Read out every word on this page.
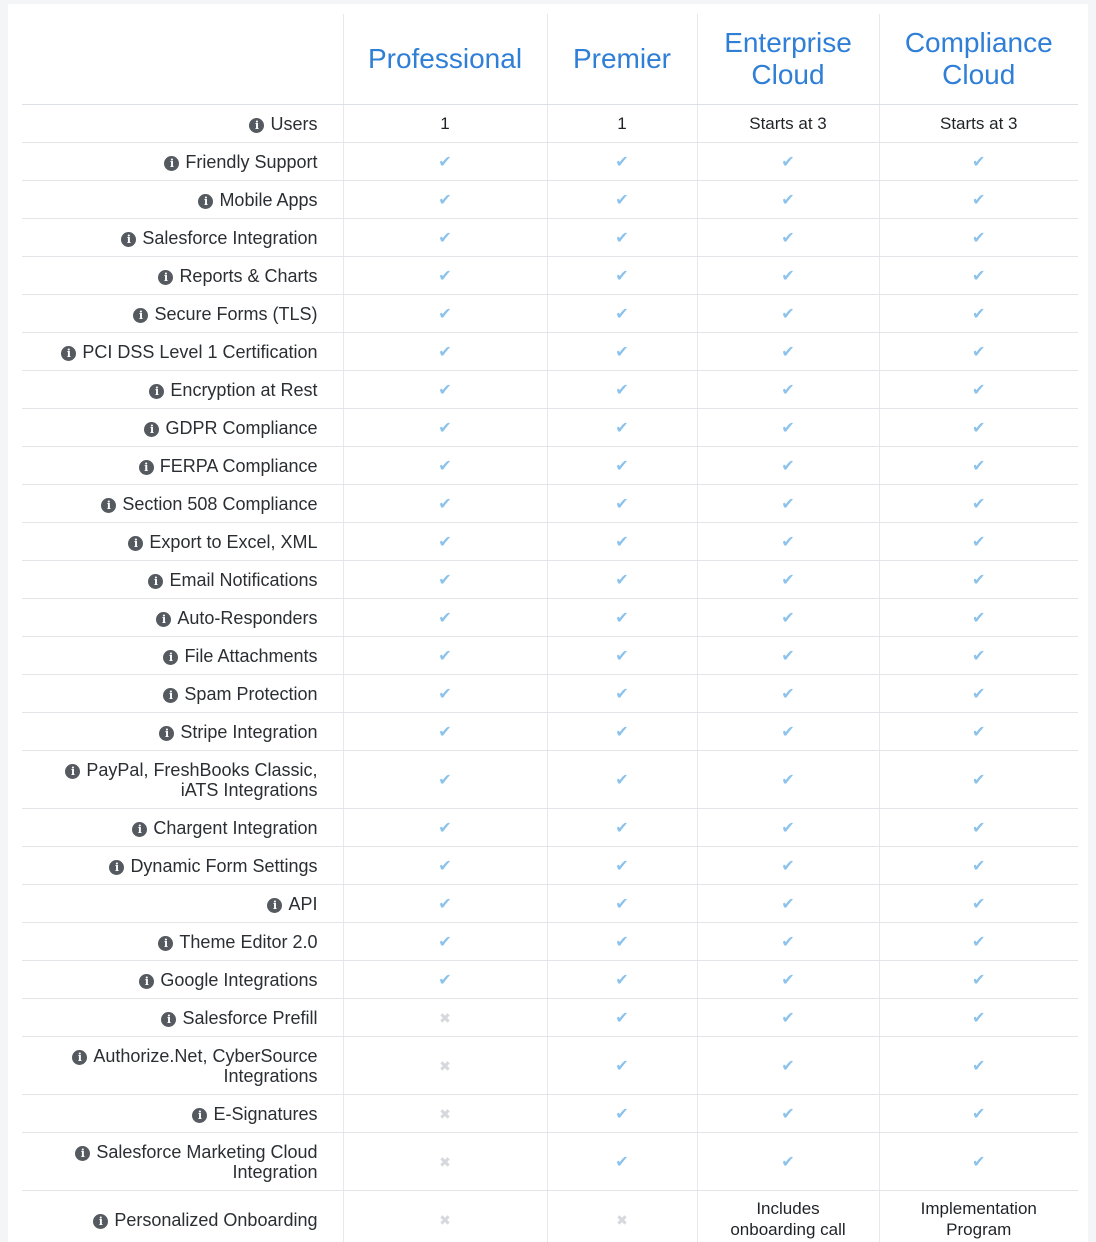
	Professional	Premier	Enterprise Cloud	Compliance Cloud
i Users	1	1	Starts at 3	Starts at 3
i Friendly Support	✔	✔	✔	✔
i Mobile Apps	✔	✔	✔	✔
i Salesforce Integration	✔	✔	✔	✔
i Reports & Charts	✔	✔	✔	✔
i Secure Forms (TLS)	✔	✔	✔	✔
i PCI DSS Level 1 Certification	✔	✔	✔	✔
i Encryption at Rest	✔	✔	✔	✔
i GDPR Compliance	✔	✔	✔	✔
i FERPA Compliance	✔	✔	✔	✔
i Section 508 Compliance	✔	✔	✔	✔
i Export to Excel, XML	✔	✔	✔	✔
i Email Notifications	✔	✔	✔	✔
i Auto-Responders	✔	✔	✔	✔
i File Attachments	✔	✔	✔	✔
i Spam Protection	✔	✔	✔	✔
i Stripe Integration	✔	✔	✔	✔
i PayPal, FreshBooks Classic, iATS Integrations	✔	✔	✔	✔
i Chargent Integration	✔	✔	✔	✔
i Dynamic Form Settings	✔	✔	✔	✔
i API	✔	✔	✔	✔
i Theme Editor 2.0	✔	✔	✔	✔
i Google Integrations	✔	✔	✔	✔
i Salesforce Prefill	✖	✔	✔	✔
i Authorize.Net, CyberSource Integrations	✖	✔	✔	✔
i E-Signatures	✖	✔	✔	✔
i Salesforce Marketing Cloud Integration	✖	✔	✔	✔
i Personalized Onboarding	✖	✖	Includes onboarding call	Implementation Program
